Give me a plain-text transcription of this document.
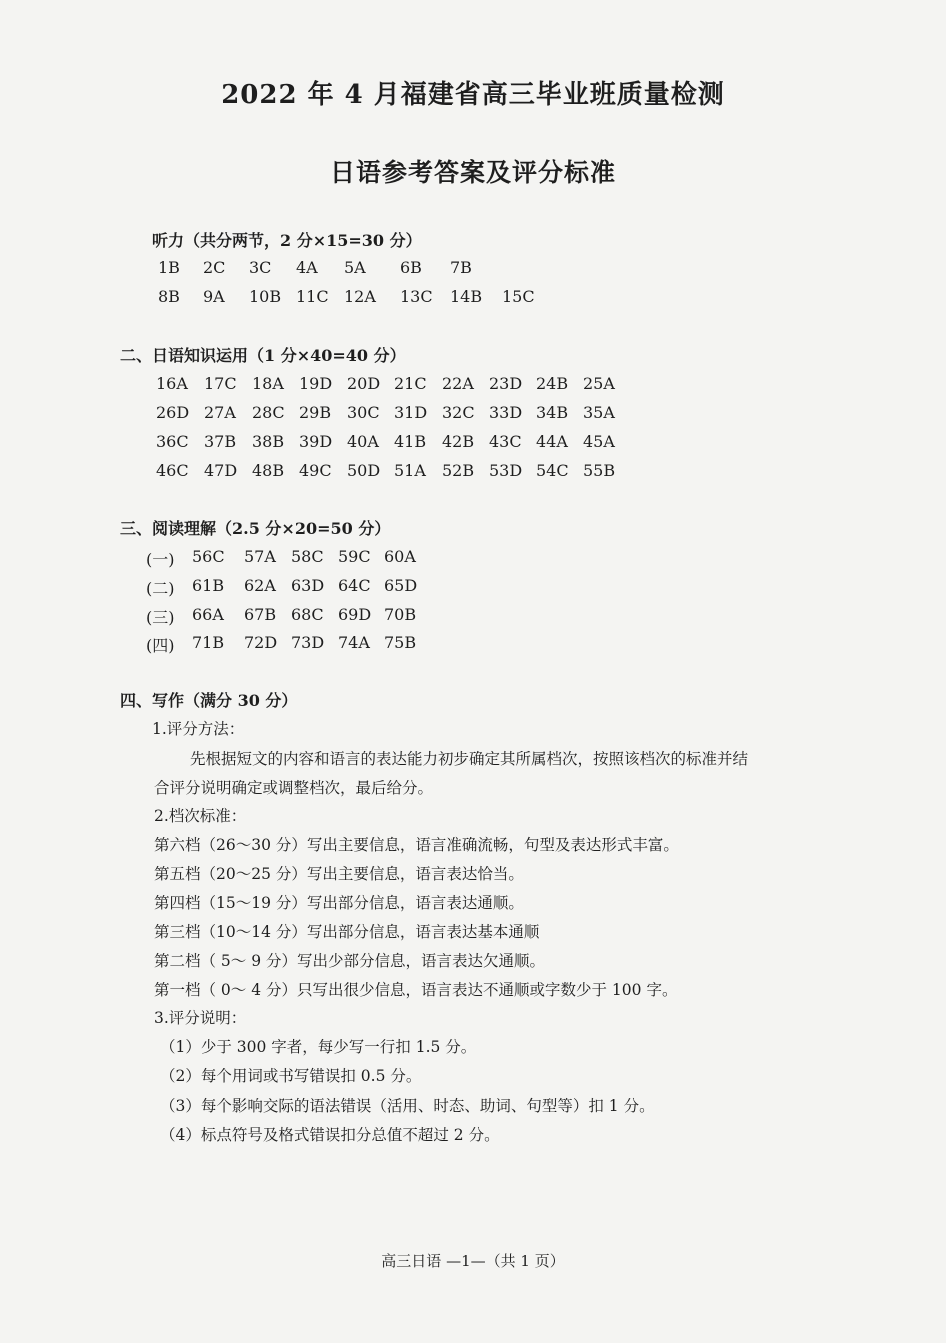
2022 年 4 月福建省高三毕业班质量检测
日语参考答案及评分标准
听力（共分两节，2 分×15=30 分）
1B 2C 3C 4A 5A 6B 7B
8B 9A 10B 11C 12A 13C 14B 15C
二、日语知识运用（1 分×40=40 分）
16A 17C 18A 19D 20D 21C 22A 23D 24B 25A
26D 27A 28C 29B 30C 31D 32C 33D 34B 35A
36C 37B 38B 39D 40A 41B 42B 43C 44A 45A
46C 47D 48B 49C 50D 51A 52B 53D 54C 55B
三、阅读理解（2.5 分×20=50 分）
(一) 56C 57A 58C 59C 60A
(二) 61B 62A 63D 64C 65D
(三) 66A 67B 68C 69D 70B
(四) 71B 72D 73D 74A 75B
四、写作（满分 30 分）
1.评分方法：
先根据短文的内容和语言的表达能力初步确定其所属档次，按照该档次的标准并结
合评分说明确定或调整档次，最后给分。
2.档次标准：
第六档（26～30 分）写出主要信息，语言准确流畅，句型及表达形式丰富。
第五档（20～25 分）写出主要信息，语言表达恰当。
第四档（15～19 分）写出部分信息，语言表达通顺。
第三档（10～14 分）写出部分信息，语言表达基本通顺
第二档（ 5～ 9 分）写出少部分信息，语言表达欠通顺。
第一档（ 0～ 4 分）只写出很少信息，语言表达不通顺或字数少于 100 字。
3.评分说明：
（1）少于 300 字者，每少写一行扣 1.5 分。
（2）每个用词或书写错误扣 0.5 分。
（3）每个影响交际的语法错误（活用、时态、助词、句型等）扣 1 分。
（4）标点符号及格式错误扣分总值不超过 2 分。
高三日语 —1—（共 1 页）
